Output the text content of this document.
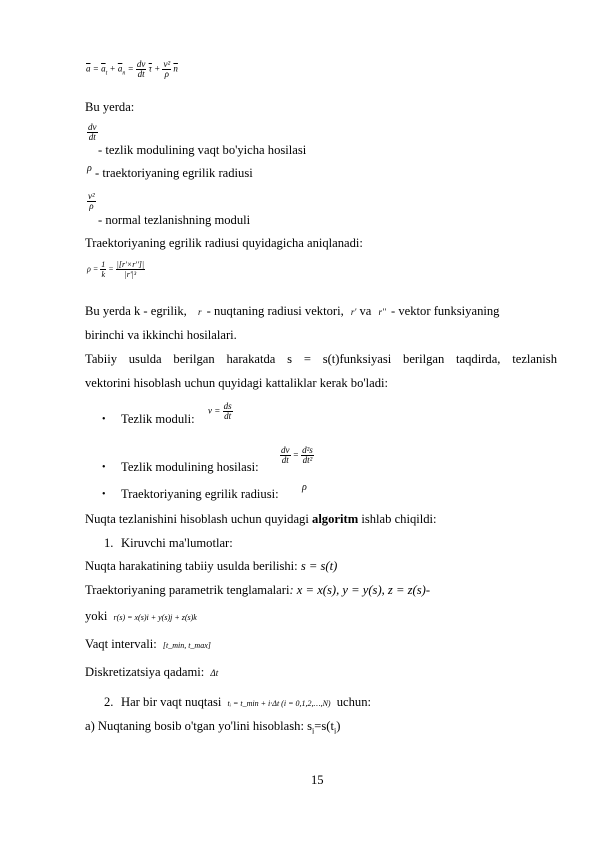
$\overline{a} = \overline{a}_t + \overline{a}_n = \frac{dv}{dt} \overline{\tau} + \frac{\text{v²}}{\rho} \overline{n}$
Bu yerda:
$\frac{dv}{dt}$
- tezlik modulining vaqt bo'yicha hosilasi
ρ - traektoriyaning egrilik radiusi
$\frac{\text{v²}}{\rho}$
- normal tezlanishning moduli
Traektoriyaning egrilik radiusi quyidagicha aniqlanadi:
$\rho = \frac{1}{k} = \frac{|[r'\times r'']|}{\text{|r'|³}}$
Bu yerda k - egrilik, r - nuqtaning radiusi vektori, r' va r'' - vektor funksiyaning
birinchi va ikkinchi hosilalari.
Tabiiy usulda berilgan harakatda s = s(t)funksiyasi berilgan taqdirda, tezlanish
vektorini hisoblash uchun quyidagi kattaliklar kerak bo'ladi:
• Tezlik moduli:
$v = \frac{ds}{dt}$
• Tezlik modulining hosilasi:
$\frac{dv}{dt} = \frac{\text{d²s}}{\text{dt²}}$
• Traektoriyaning egrilik radiusi: ρ
Nuqta tezlanishini hisoblash uchun quyidagi algoritm ishlab chiqildi:
1. Kiruvchi ma'lumotlar:
Nuqta harakatining tabiiy usulda berilishi: s = s(t)
Traektoriyaning parametrik tenglamalari: x = x(s), y = y(s), z = z(s)-
yoki r(s) = x(s)i + y(s)j + z(s)k
Vaqt intervali: [t_min, t_max]
Diskretizatsiya qadami: Δt
2. Har bir vaqt nuqtasi tᵢ = t_min + i·Δt (i = 0,1,2,…,N) uchun:
a) Nuqtaning bosib o'tgan yo'lini hisoblash: $s_i=s(t_i)$
15
